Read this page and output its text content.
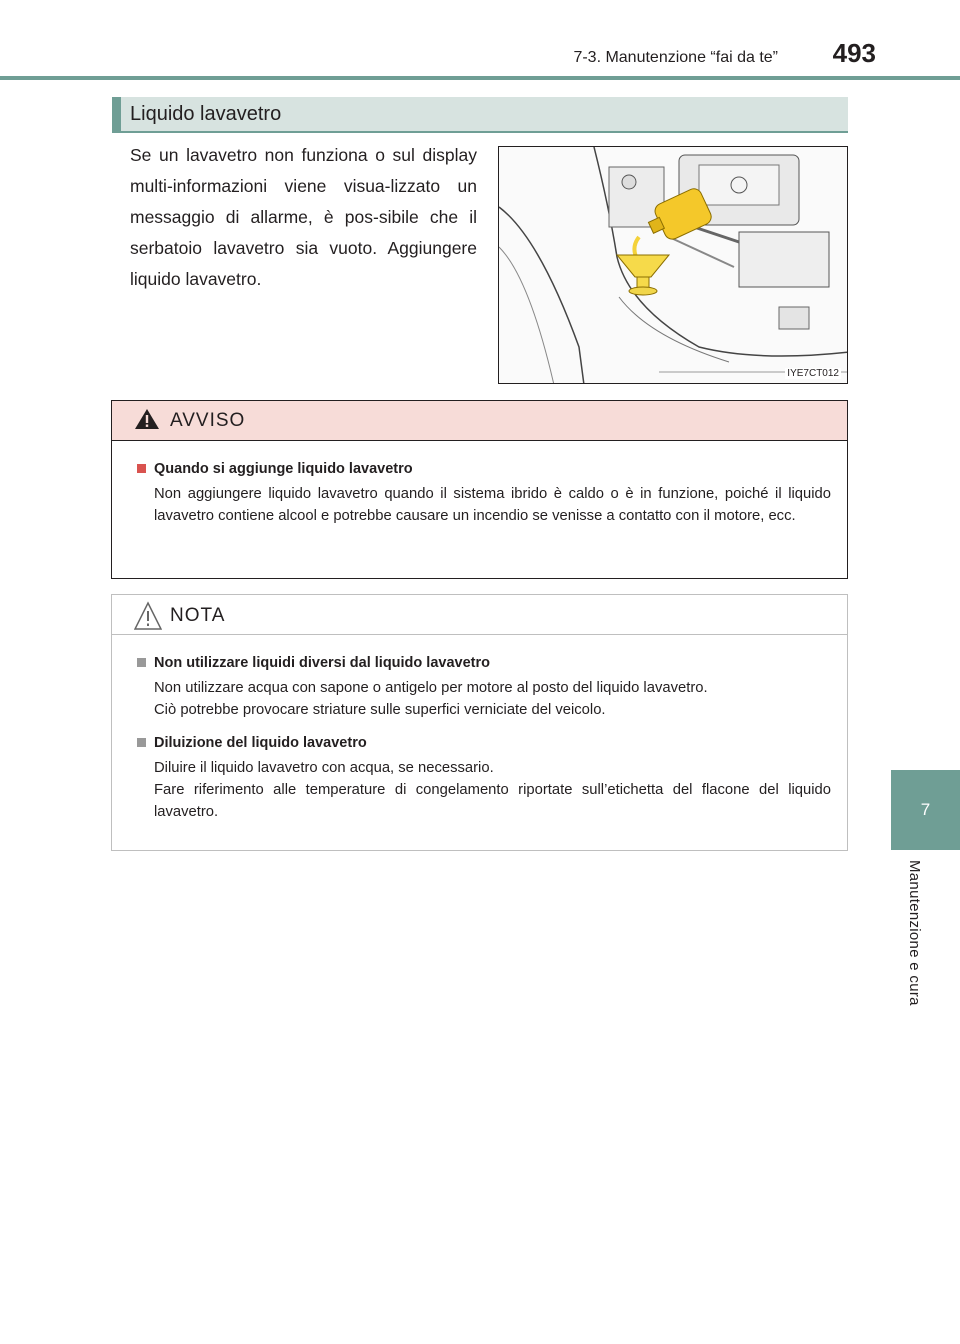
7-3. Manutenzione “fai da te” 493
7
Manutenzione e cura
Liquido lavavetro
Se un lavavetro non funziona o sul display multi-informazioni viene visua-lizzato un messaggio di allarme, è pos-sibile che il serbatoio lavavetro sia vuoto. Aggiungere liquido lavavetro.
IYE7CT012
AVVISO
Quando si aggiunge liquido lavavetro
Non aggiungere liquido lavavetro quando il sistema ibrido è caldo o è in funzione, poiché il liquido lavavetro contiene alcool e potrebbe causare un incendio se venisse a contatto con il motore, ecc.
NOTA
Non utilizzare liquidi diversi dal liquido lavavetro
Non utilizzare acqua con sapone o antigelo per motore al posto del liquido lavavetro.
Ciò potrebbe provocare striature sulle superfici verniciate del veicolo.
Diluizione del liquido lavavetro
Diluire il liquido lavavetro con acqua, se necessario.
Fare riferimento alle temperature di congelamento riportate sull’etichetta del flacone del liquido lavavetro.
